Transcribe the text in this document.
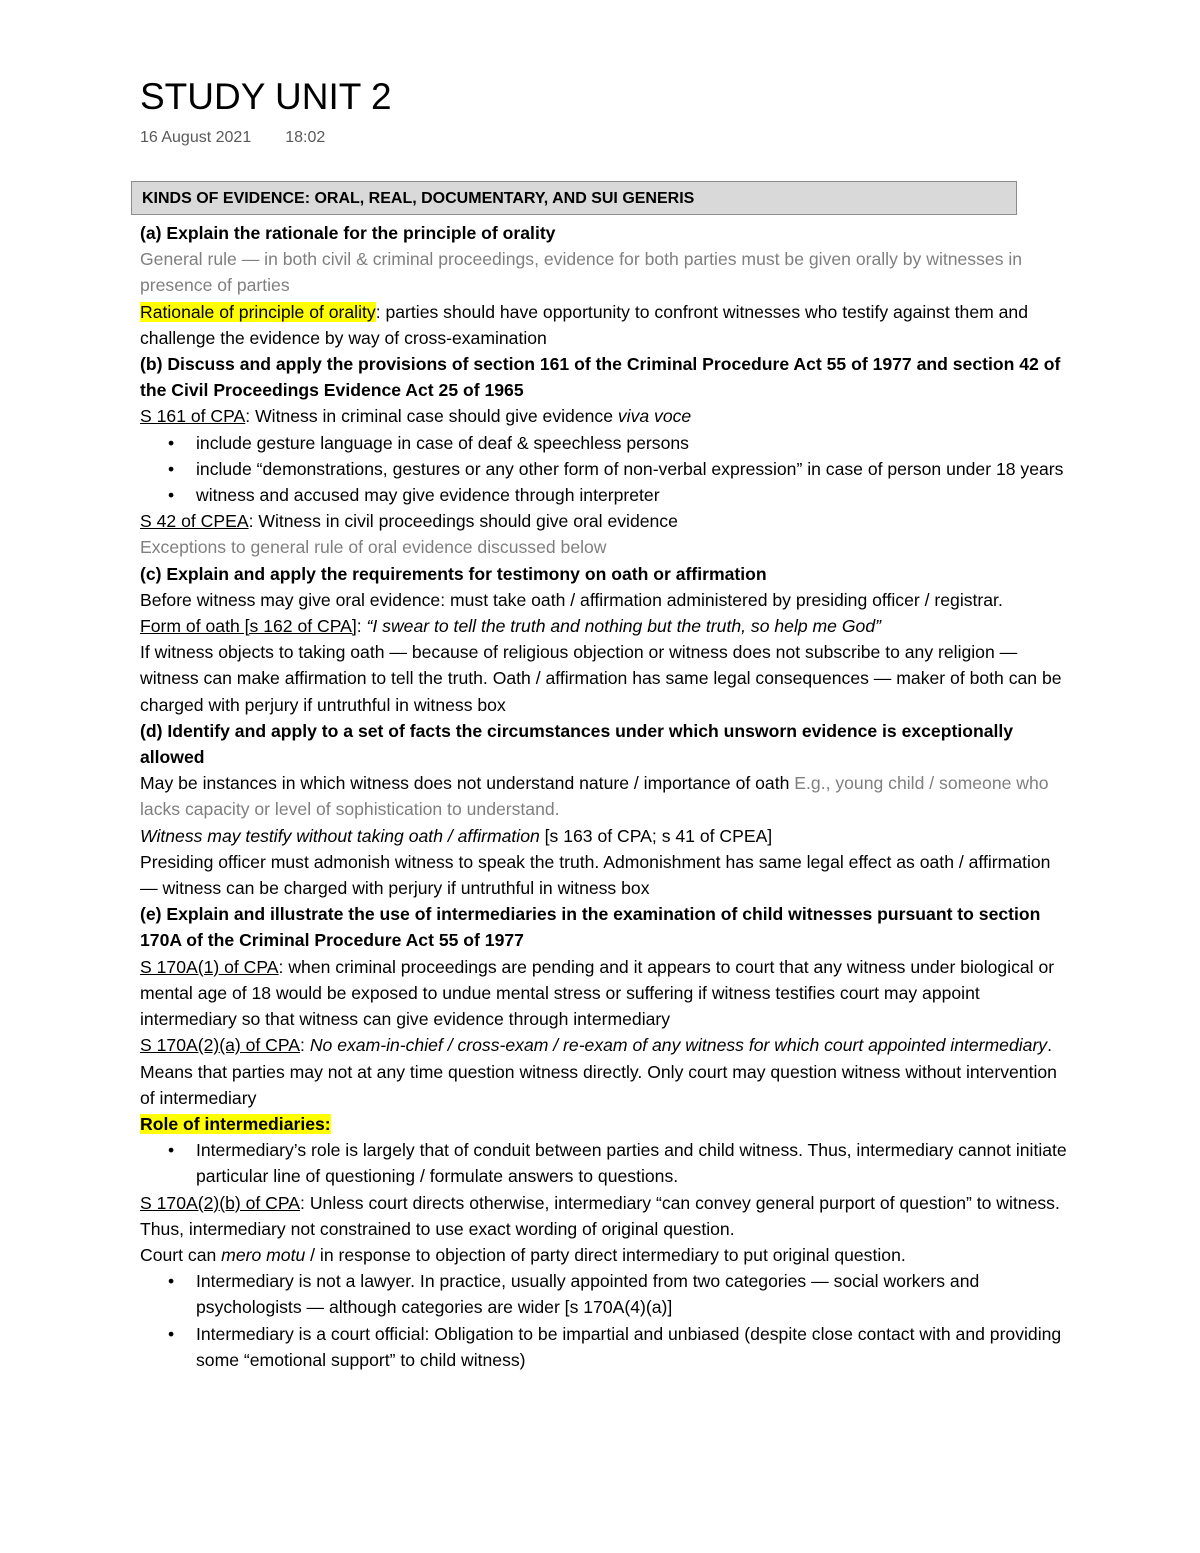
STUDY UNIT 2
16 August 2021 18:02
KINDS OF EVIDENCE: ORAL, REAL, DOCUMENTARY, AND SUI GENERIS

(a) Explain the rationale for the principle of orality

General rule — in both civil & criminal proceedings, evidence for both parties must be given orally by witnesses in presence of parties

Rationale of principle of orality: parties should have opportunity to confront witnesses who testify against them and challenge the evidence by way of cross-examination

(b) Discuss and apply the provisions of section 161 of the Criminal Procedure Act 55 of 1977 and section 42 of the Civil Proceedings Evidence Act 25 of 1965

S 161 of CPA: Witness in criminal case should give evidence viva voce

• include gesture language in case of deaf & speechless persons
• include “demonstrations, gestures or any other form of non-verbal expression” in case of person under 18 years
• witness and accused may give evidence through interpreter

S 42 of CPEA: Witness in civil proceedings should give oral evidence

Exceptions to general rule of oral evidence discussed below

(c) Explain and apply the requirements for testimony on oath or affirmation

Before witness may give oral evidence: must take oath / affirmation administered by presiding officer / registrar.

Form of oath [s 162 of CPA]: “I swear to tell the truth and nothing but the truth, so help me God”

If witness objects to taking oath — because of religious objection or witness does not subscribe to any religion — witness can make affirmation to tell the truth. Oath / affirmation has same legal consequences — maker of both can be charged with perjury if untruthful in witness box

(d) Identify and apply to a set of facts the circumstances under which unsworn evidence is exceptionally allowed

May be instances in which witness does not understand nature / importance of oath E.g., young child / someone who lacks capacity or level of sophistication to understand.

Witness may testify without taking oath / affirmation [s 163 of CPA; s 41 of CPEA]

Presiding officer must admonish witness to speak the truth. Admonishment has same legal effect as oath / affirmation — witness can be charged with perjury if untruthful in witness box

(e) Explain and illustrate the use of intermediaries in the examination of child witnesses pursuant to section 170A of the Criminal Procedure Act 55 of 1977

S 170A(1) of CPA: when criminal proceedings are pending and it appears to court that any witness under biological or mental age of 18 would be exposed to undue mental stress or suffering if witness testifies court may appoint intermediary so that witness can give evidence through intermediary

S 170A(2)(a) of CPA: No exam-in-chief / cross-exam / re-exam of any witness for which court appointed intermediary. Means that parties may not at any time question witness directly. Only court may question witness without intervention of intermediary

Role of intermediaries:

• Intermediary’s role is largely that of conduit between parties and child witness. Thus, intermediary cannot initiate particular line of questioning / formulate answers to questions.

S 170A(2)(b) of CPA: Unless court directs otherwise, intermediary “can convey general purport of question” to witness. Thus, intermediary not constrained to use exact wording of original question.

Court can mero motu / in response to objection of party direct intermediary to put original question.

• Intermediary is not a lawyer. In practice, usually appointed from two categories — social workers and psychologists — although categories are wider [s 170A(4)(a)]
• Intermediary is a court official: Obligation to be impartial and unbiased (despite close contact with and providing some “emotional support” to child witness)
